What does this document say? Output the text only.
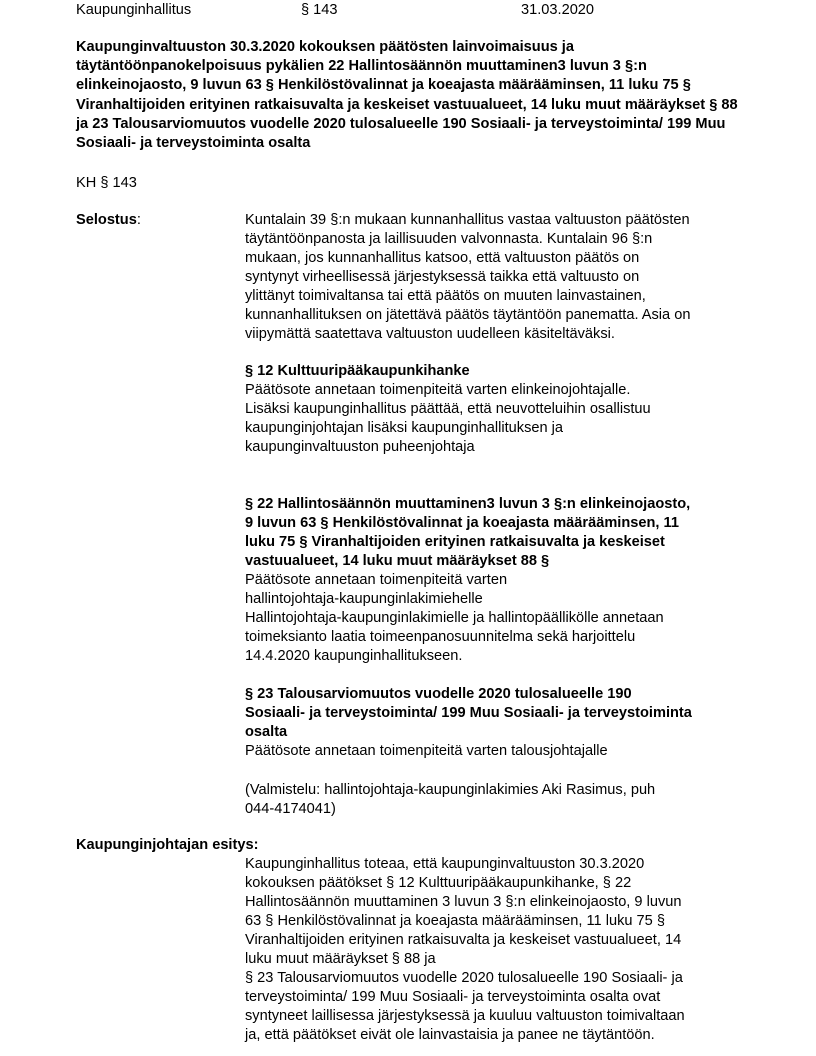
Kaupunginhallitus	§ 143	31.03.2020
Kaupunginvaltuuston 30.3.2020 kokouksen päätösten lainvoimaisuus ja täytäntöönpanokelpoisuus pykälien 22 Hallintosäännön muuttaminen3 luvun 3 §:n elinkeinojaosto, 9 luvun 63 § Henkilöstövalinnat ja koeajasta määrääminsen, 11 luku 75 § Viranhaltijoiden erityinen ratkaisuvalta ja keskeiset vastuualueet, 14 luku muut määräykset § 88 ja 23 Talousarviomuutos vuodelle 2020 tulosalueelle 190 Sosiaali- ja terveystoiminta/ 199 Muu Sosiaali- ja terveystoiminta osalta
KH § 143
Selostus:	Kuntalain 39 §:n mukaan kunnanhallitus vastaa valtuuston päätösten

täytäntöönpanosta ja laillisuuden valvonnasta. Kuntalain 96 §:n

mukaan, jos kunnanhallitus katsoo, että valtuuston päätös on

syntynyt virheellisessä järjestyksessä taikka että valtuusto on

ylittänyt toimivaltansa tai että päätös on muuten lainvastainen,

kunnanhallituksen on jätettävä päätös täytäntöön panematta. Asia on

viipymättä saatettava valtuuston uudelleen käsiteltäväksi.

§ 12 Kulttuuripääkaupunkihanke

Päätösote annetaan toimenpiteitä varten elinkeinojohtajalle.

Lisäksi kaupunginhallitus päättää, että neuvotteluihin osallistuu

kaupunginjohtajan lisäksi kaupunginhallituksen ja

kaupunginvaltuuston puheenjohtaja

§ 22 Hallintosäännön muuttaminen3 luvun 3 §:n elinkeinojaosto,

9 luvun 63 § Henkilöstövalinnat ja koeajasta määrääminsen, 11

luku 75 § Viranhaltijoiden erityinen ratkaisuvalta ja keskeiset

vastuualueet, 14 luku muut määräykset 88 §

Päätösote annetaan toimenpiteitä varten

hallintojohtaja-kaupunginlakimiehelle

Hallintojohtaja-kaupunginlakimielle ja hallintopäällikölle annetaan

toimeksianto laatia toimeenpanosuunnitelma sekä harjoittelu

14.4.2020 kaupunginhallitukseen.

§ 23 Talousarviomuutos vuodelle 2020 tulosalueelle 190

Sosiaali- ja terveystoiminta/ 199 Muu Sosiaali- ja terveystoiminta

osalta

Päätösote annetaan toimenpiteitä varten talousjohtajalle

(Valmistelu: hallintojohtaja-kaupunginlakimies Aki Rasimus, puh

044-4174041)

Kaupunginjohtajan esitys:

Kaupunginhallitus toteaa, että kaupunginvaltuuston 30.3.2020

kokouksen päätökset § 12 Kulttuuripääkaupunkihanke, § 22

Hallintosäännön muuttaminen 3 luvun 3 §:n elinkeinojaosto, 9 luvun

63 § Henkilöstövalinnat ja koeajasta määrääminsen, 11 luku 75 §

Viranhaltijoiden erityinen ratkaisuvalta ja keskeiset vastuualueet, 14

luku muut määräykset § 88 ja

§ 23 Talousarviomuutos vuodelle 2020 tulosalueelle 190 Sosiaali- ja

terveystoiminta/ 199 Muu Sosiaali- ja terveystoiminta osalta ovat

syntyneet laillisessa järjestyksessä ja kuuluu valtuuston toimivaltaan

ja, että päätökset eivät ole lainvastaisia ja panee ne täytäntöön.
